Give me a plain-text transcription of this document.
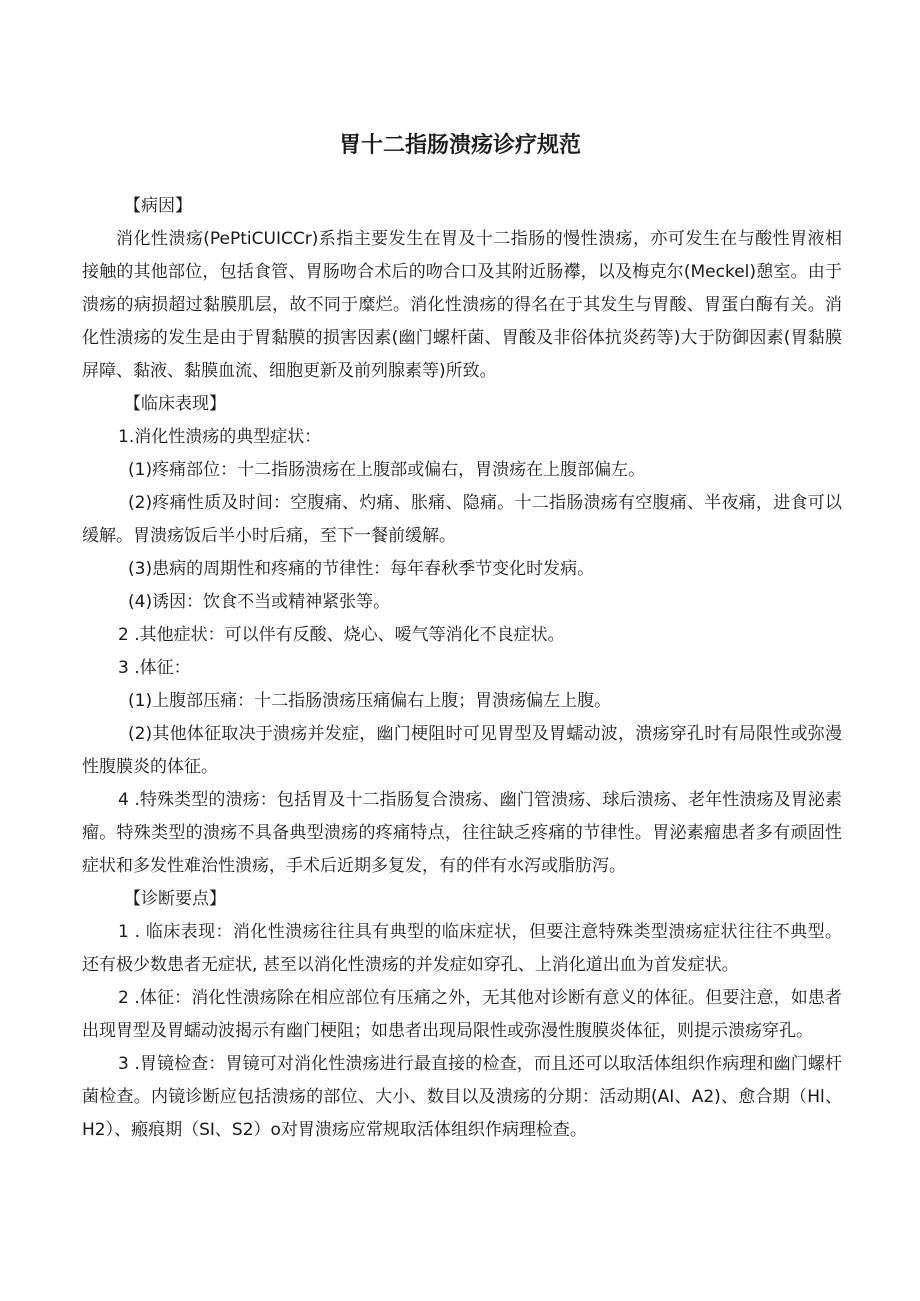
胃十二指肠溃疡诊疗规范

【病因】

消化性溃疡(PePtiCUICCr)系指主要发生在胃及十二指肠的慢性溃疡，亦可发生在与酸性胃液相接触的其他部位，包括食管、胃肠吻合术后的吻合口及其附近肠襻，以及梅克尔(Meckel)憩室。由于溃疡的病损超过黏膜肌层，故不同于糜烂。消化性溃疡的得名在于其发生与胃酸、胃蛋白酶有关。消化性溃疡的发生是由于胃黏膜的损害因素(幽门螺杆菌、胃酸及非俗体抗炎药等)大于防御因素(胃黏膜屏障、黏液、黏膜血流、细胞更新及前列腺素等)所致。

【临床表现】

1.消化性溃疡的典型症状：

(1)疼痛部位：十二指肠溃疡在上腹部或偏右，胃溃疡在上腹部偏左。

(2)疼痛性质及时间：空腹痛、灼痛、胀痛、隐痛。十二指肠溃疡有空腹痛、半夜痛，进食可以缓解。胃溃疡饭后半小时后痛，至下一餐前缓解。

(3)患病的周期性和疼痛的节律性：每年春秋季节变化时发病。

(4)诱因：饮食不当或精神紧张等。

2 .其他症状：可以伴有反酸、烧心、嗳气等消化不良症状。

3 .体征：

(1)上腹部压痛：十二指肠溃疡压痛偏右上腹；胃溃疡偏左上腹。

(2)其他体征取决于溃疡并发症，幽门梗阻时可见胃型及胃蠕动波，溃疡穿孔时有局限性或弥漫性腹膜炎的体征。

4 .特殊类型的溃疡：包括胃及十二指肠复合溃疡、幽门管溃疡、球后溃疡、老年性溃疡及胃泌素瘤。特殊类型的溃疡不具备典型溃疡的疼痛特点，往往缺乏疼痛的节律性。胃泌素瘤患者多有顽固性症状和多发性难治性溃疡，手术后近期多复发，有的伴有水泻或脂肪泻。

【诊断要点】

1 . 临床表现：消化性溃疡往往具有典型的临床症状，但要注意特殊类型溃疡症状往往不典型。还有极少数患者无症状, 甚至以消化性溃疡的并发症如穿孔、上消化道出血为首发症状。

2 .体征：消化性溃疡除在相应部位有压痛之外，无其他对诊断有意义的体征。但要注意，如患者出现胃型及胃蠕动波揭示有幽门梗阻；如患者出现局限性或弥漫性腹膜炎体征，则提示溃疡穿孔。

3 .胃镜检查：胃镜可对消化性溃疡进行最直接的检查，而且还可以取活体组织作病理和幽门螺杆菌检查。内镜诊断应包括溃疡的部位、大小、数目以及溃疡的分期：活动期(AI、A2)、愈合期（Hl、H2）、瘢痕期（SI、S2）o对胃溃疡应常规取活体组织作病理检查。
